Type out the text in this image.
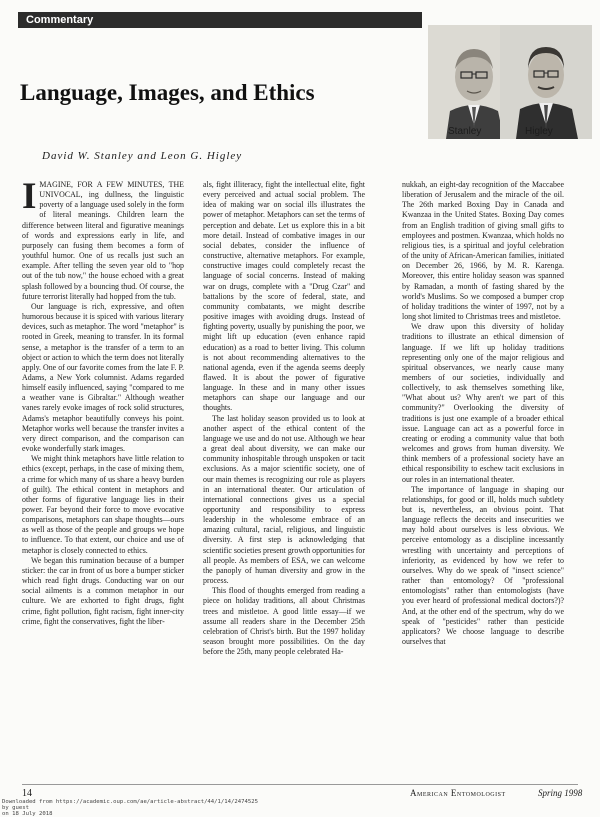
Commentary
Stanley	Higley
Language, Images, and Ethics

David W. Stanley and Leon G. Higley

IMAGINE, FOR A FEW MINUTES, THE UNIVOCAL, ing dullness, the linguistic poverty of a language used solely in the form of literal meanings. Children learn the difference between literal and figurative meanings of words and expressions early in life, and purposely can fusing them becomes a form of youthful humor. One of us recalls just such an example. After telling the seven year old to "hop out of the tub now," the house echoed with a great splash followed by a bouncing thud. Of course, the future terrorist literally had hopped from the tub.

Our language is rich, expressive, and often humorous because it is spiced with various literary devices, such as metaphor. The word "metaphor" is rooted in Greek, meaning to transfer. In its formal sense, a metaphor is the transfer of a term to an object or action to which the term does not literally apply. One of our favorite comes from the late F. P. Adams, a New York columnist. Adams regarded himself easily influenced, saying "compared to me a weather vane is Gibraltar." Although weather vanes rarely evoke images of rock solid structures, Adams's metaphor beautifully conveys his point. Metaphor works well because the transfer invites a very direct comparison, and the comparison can evoke wonderfully stark images.

We might think metaphors have little relation to ethics (except, perhaps, in the case of mixing them, a crime for which many of us share a heavy burden of guilt). The ethical content in metaphors and other forms of figurative language lies in their power. Far beyond their force to move evocative comparisons, metaphors can shape thoughts—ours as well as those of the people and groups we hope to influence. To that extent, our choice and use of metaphor is closely connected to ethics.

We began this rumination because of a bumper sticker: the car in front of us bore a bumper sticker which read fight drugs. Conducting war on our social ailments is a common metaphor in our culture. We are exhorted to fight drugs, fight crime, fight pollution, fight racism, fight inner-city crime, fight the conservatives, fight the liber-

als, fight illiteracy, fight the intellectual elite, fight every perceived and actual social problem. The idea of making war on social ills illustrates the power of metaphor. Metaphors can set the terms of perception and debate. Let us explore this in a bit more detail. Instead of combative images in our social debates, consider the influence of constructive, alternative metaphors. For example, constructive images could completely recast the language of social concerns. Instead of making war on drugs, complete with a "Drug Czar" and battalions by the score of federal, state, and community combatants, we might describe positive images with avoiding drugs. Instead of fighting poverty, usually by punishing the poor, we might lift up education (even enhance rapid education) as a road to better living. This column is not about recommending alternatives to the national agenda, even if the agenda seems deeply flawed. It is about the power of figurative language. In these and in many other issues metaphors can shape our language and our thoughts.

The last holiday season provided us to look at another aspect of the ethical content of the language we use and do not use. Although we hear a great deal about diversity, we can make our community inhospitable through unspoken or tacit exclusions. As a major scientific society, one of our main themes is recognizing our role as players in an international theater. Our articulation of international connections gives us a special opportunity and responsibility to express leadership in the wholesome embrace of an amazing cultural, racial, religious, and linguistic diversity. A first step is acknowledging that scientific societies present growth opportunities for all people. As members of ESA, we can welcome the panoply of human diversity and grow in the process.

This flood of thoughts emerged from reading a piece on holiday traditions, all about Christmas trees and mistletoe. A good little essay—if we assume all readers share in the December 25th celebration of Christ's birth. But the 1997 holiday season brought more possibilities. On the day before the 25th, many people celebrated Ha-

nukkah, an eight-day recognition of the Maccabee liberation of Jerusalem and the miracle of the oil. The 26th marked Boxing Day in Canada and Kwanzaa in the United States. Boxing Day comes from an English tradition of giving small gifts to employees and postmen. Kwanzaa, which holds no religious ties, is a spiritual and joyful celebration of the unity of African-American families, initiated on December 26, 1966, by M. R. Karenga. Moreover, this entire holiday season was spanned by Ramadan, a month of fasting shared by the world's Muslims. So we composed a bumper crop of holiday traditions the winter of 1997, not by a long shot limited to Christmas trees and mistletoe.

We draw upon this diversity of holiday traditions to illustrate an ethical dimension of language. If we lift up holiday traditions representing only one of the major religious and spiritual observances, we nearly cause many members of our societies, individually and collectively, to ask themselves something like, "What about us? Why aren't we part of this community?" Overlooking the diversity of traditions is just one example of a broader ethical issue. Language can act as a powerful force in creating or eroding a community value that both welcomes and grows from human diversity. We think members of a professional society have an ethical responsibility to eschew tacit exclusions in our roles in an international theater.

The importance of language in shaping our relationships, for good or ill, holds much subtlety but is, nevertheless, an obvious point. That language reflects the deceits and insecurities we may hold about ourselves is less obvious. We perceive entomology as a discipline incessantly wrestling with uncertainty and perceptions of inferiority, as evidenced by how we refer to ourselves. Why do we speak of "insect science" rather than entomology? Of "professional entomologists" rather than entomologists (have you ever heard of professional medical doctors?)? And, at the other end of the spectrum, why do we speak of "pesticides" rather than pesticide applicators? We choose language to describe ourselves that

14	American Entomologist	Spring 1998
Downloaded from https://academic.oup.com/ae/article-abstract/44/1/14/2474525
by guest
on 18 July 2018
